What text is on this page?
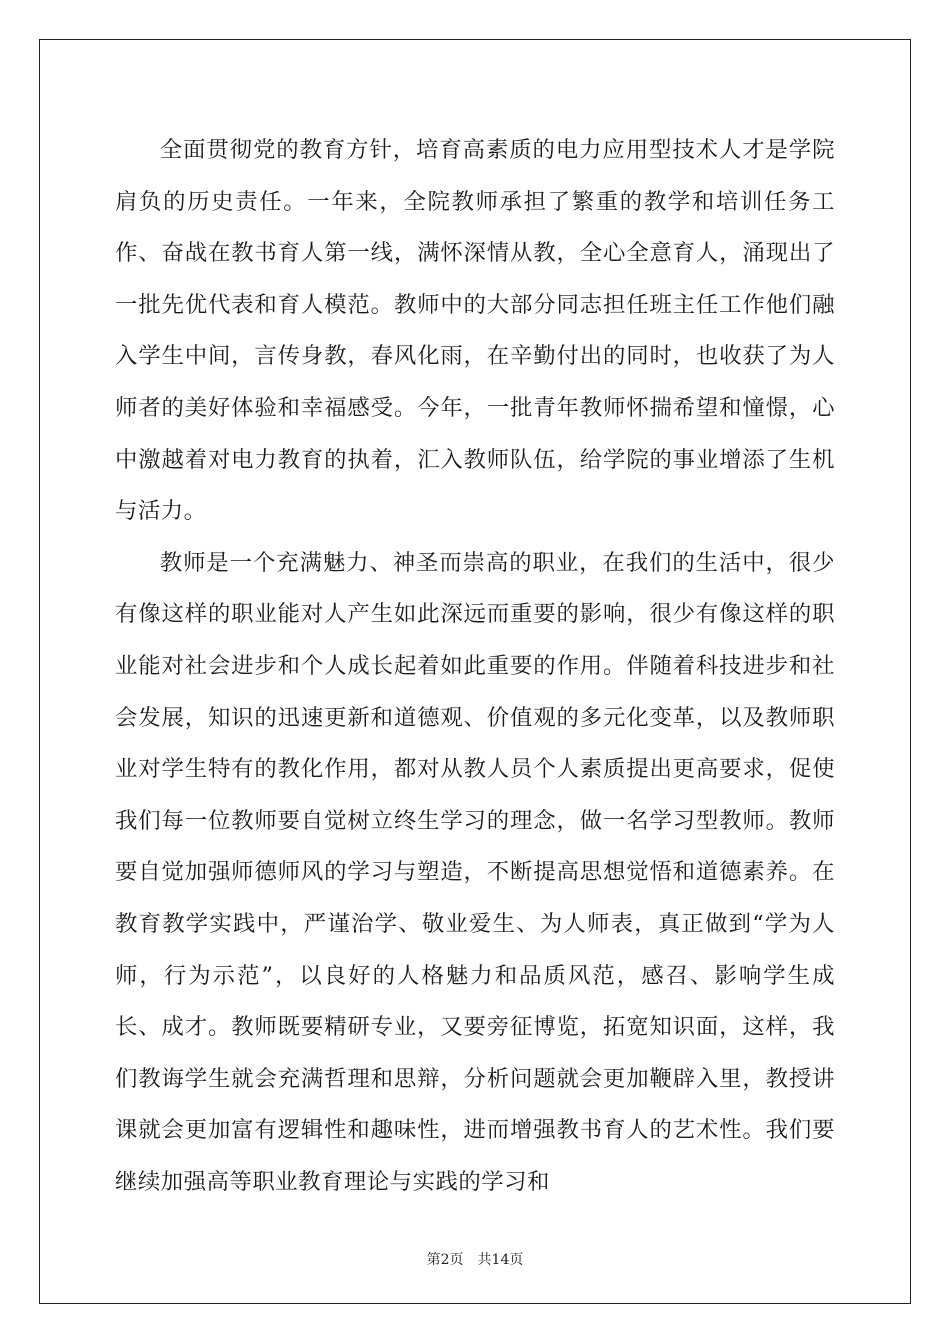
全面贯彻党的教育方针，培育高素质的电力应用型技术人才是学院肩负的历史责任。一年来，全院教师承担了繁重的教学和培训任务工作、奋战在教书育人第一线，满怀深情从教，全心全意育人，涌现出了一批先优代表和育人模范。教师中的大部分同志担任班主任工作他们融入学生中间，言传身教，春风化雨，在辛勤付出的同时，也收获了为人师者的美好体验和幸福感受。今年，一批青年教师怀揣希望和憧憬，心中激越着对电力教育的执着，汇入教师队伍，给学院的事业增添了生机与活力。

教师是一个充满魅力、神圣而崇高的职业，在我们的生活中，很少有像这样的职业能对人产生如此深远而重要的影响，很少有像这样的职业能对社会进步和个人成长起着如此重要的作用。伴随着科技进步和社会发展，知识的迅速更新和道德观、价值观的多元化变革，以及教师职业对学生特有的教化作用，都对从教人员个人素质提出更高要求，促使我们每一位教师要自觉树立终生学习的理念，做一名学习型教师。教师要自觉加强师德师风的学习与塑造，不断提高思想觉悟和道德素养。在教育教学实践中，严谨治学、敬业爱生、为人师表，真正做到“学为人师，行为示范”，以良好的人格魅力和品质风范，感召、影响学生成长、成才。教师既要精研专业，又要旁征博览，拓宽知识面，这样，我们教诲学生就会充满哲理和思辩，分析问题就会更加鞭辟入里，教授讲课就会更加富有逻辑性和趣味性，进而增强教书育人的艺术性。我们要继续加强高等职业教育理论与实践的学习和

第2页 共14页
